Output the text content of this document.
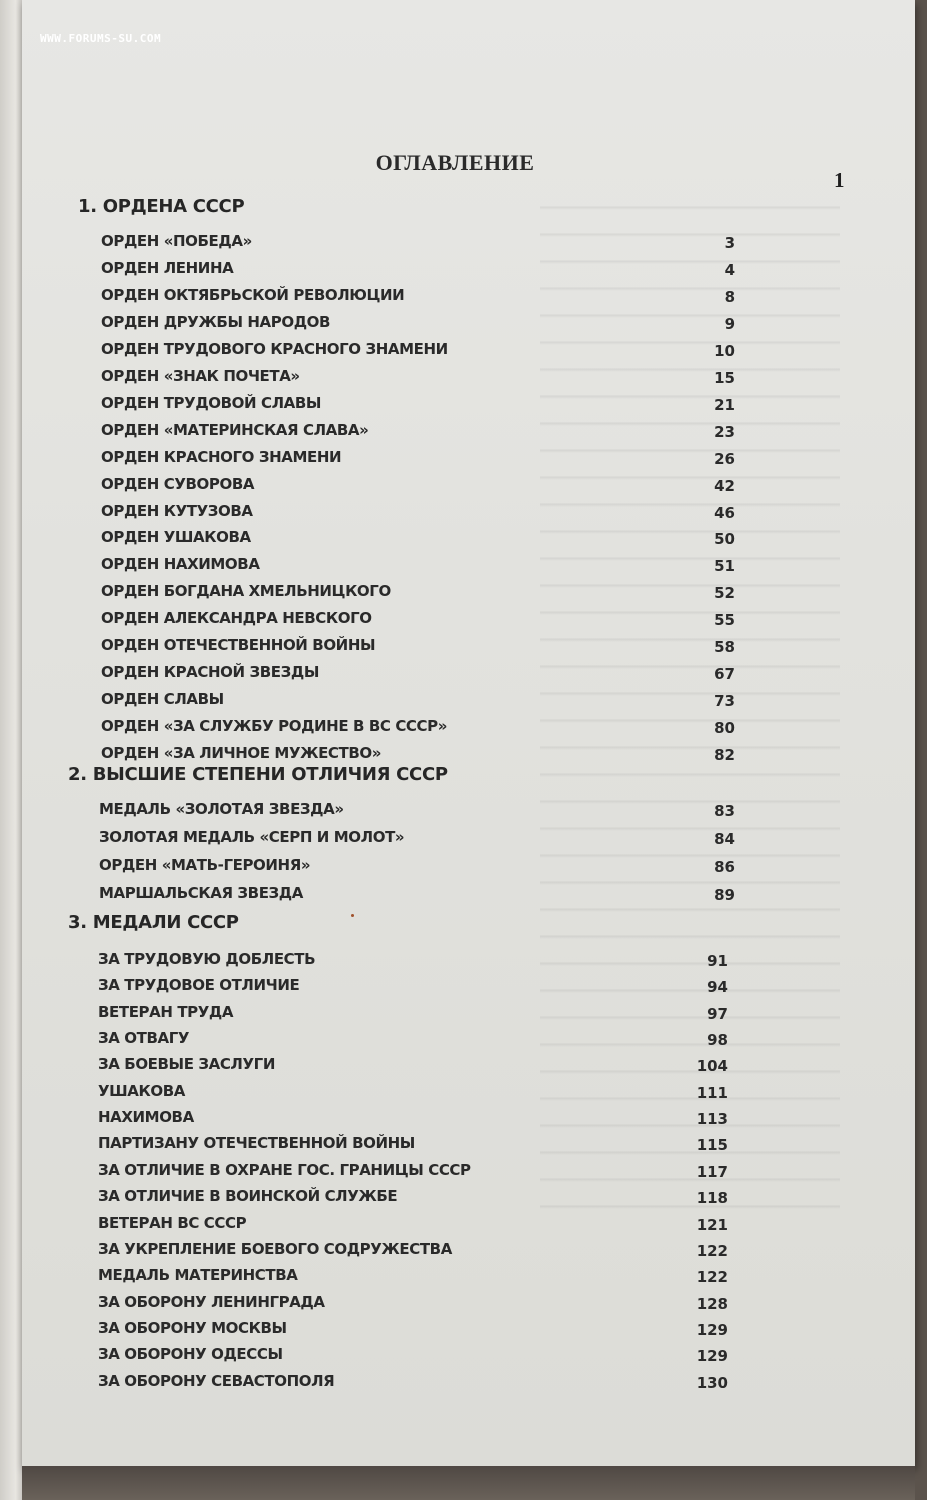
WWW.FORUMS-SU.COM
ОГЛАВЛЕНИЕ
1
1. ОРДЕНА СССР
ОРДЕН «ПОБЕДА»	3
ОРДЕН ЛЕНИНА	4
ОРДЕН ОКТЯБРЬСКОЙ РЕВОЛЮЦИИ	8
ОРДЕН ДРУЖБЫ НАРОДОВ	9
ОРДЕН ТРУДОВОГО КРАСНОГО ЗНАМЕНИ	10
ОРДЕН «ЗНАК ПОЧЕТА»	15
ОРДЕН ТРУДОВОЙ СЛАВЫ	21
ОРДЕН «МАТЕРИНСКАЯ СЛАВА»	23
ОРДЕН КРАСНОГО ЗНАМЕНИ	26
ОРДЕН СУВОРОВА	42
ОРДЕН КУТУЗОВА	46
ОРДЕН УШАКОВА	50
ОРДЕН НАХИМОВА	51
ОРДЕН БОГДАНА ХМЕЛЬНИЦКОГО	52
ОРДЕН АЛЕКСАНДРА НЕВСКОГО	55
ОРДЕН ОТЕЧЕСТВЕННОЙ ВОЙНЫ	58
ОРДЕН КРАСНОЙ ЗВЕЗДЫ	67
ОРДЕН СЛАВЫ	73
ОРДЕН «ЗА СЛУЖБУ РОДИНЕ В ВС СССР»	80
ОРДЕН «ЗА ЛИЧНОЕ МУЖЕСТВО»	82
2. ВЫСШИЕ СТЕПЕНИ ОТЛИЧИЯ СССР
МЕДАЛЬ «ЗОЛОТАЯ ЗВЕЗДА»	83
ЗОЛОТАЯ МЕДАЛЬ «СЕРП И МОЛОТ»	84
ОРДЕН «МАТЬ-ГЕРОИНЯ»	86
МАРШАЛЬСКАЯ ЗВЕЗДА	89
3. МЕДАЛИ СССР
ЗА ТРУДОВУЮ ДОБЛЕСТЬ	91
ЗА ТРУДОВОЕ ОТЛИЧИЕ	94
ВЕТЕРАН ТРУДА	97
ЗА ОТВАГУ	98
ЗА БОЕВЫЕ ЗАСЛУГИ	104
УШАКОВА	111
НАХИМОВА	113
ПАРТИЗАНУ ОТЕЧЕСТВЕННОЙ ВОЙНЫ	115
ЗА ОТЛИЧИЕ В ОХРАНЕ ГОС. ГРАНИЦЫ СССР	117
ЗА ОТЛИЧИЕ В ВОИНСКОЙ СЛУЖБЕ	118
ВЕТЕРАН ВС СССР	121
ЗА УКРЕПЛЕНИЕ БОЕВОГО СОДРУЖЕСТВА	122
МЕДАЛЬ МАТЕРИНСТВА	122
ЗА ОБОРОНУ ЛЕНИНГРАДА	128
ЗА ОБОРОНУ МОСКВЫ	129
ЗА ОБОРОНУ ОДЕССЫ	129
ЗА ОБОРОНУ СЕВАСТОПОЛЯ	130
